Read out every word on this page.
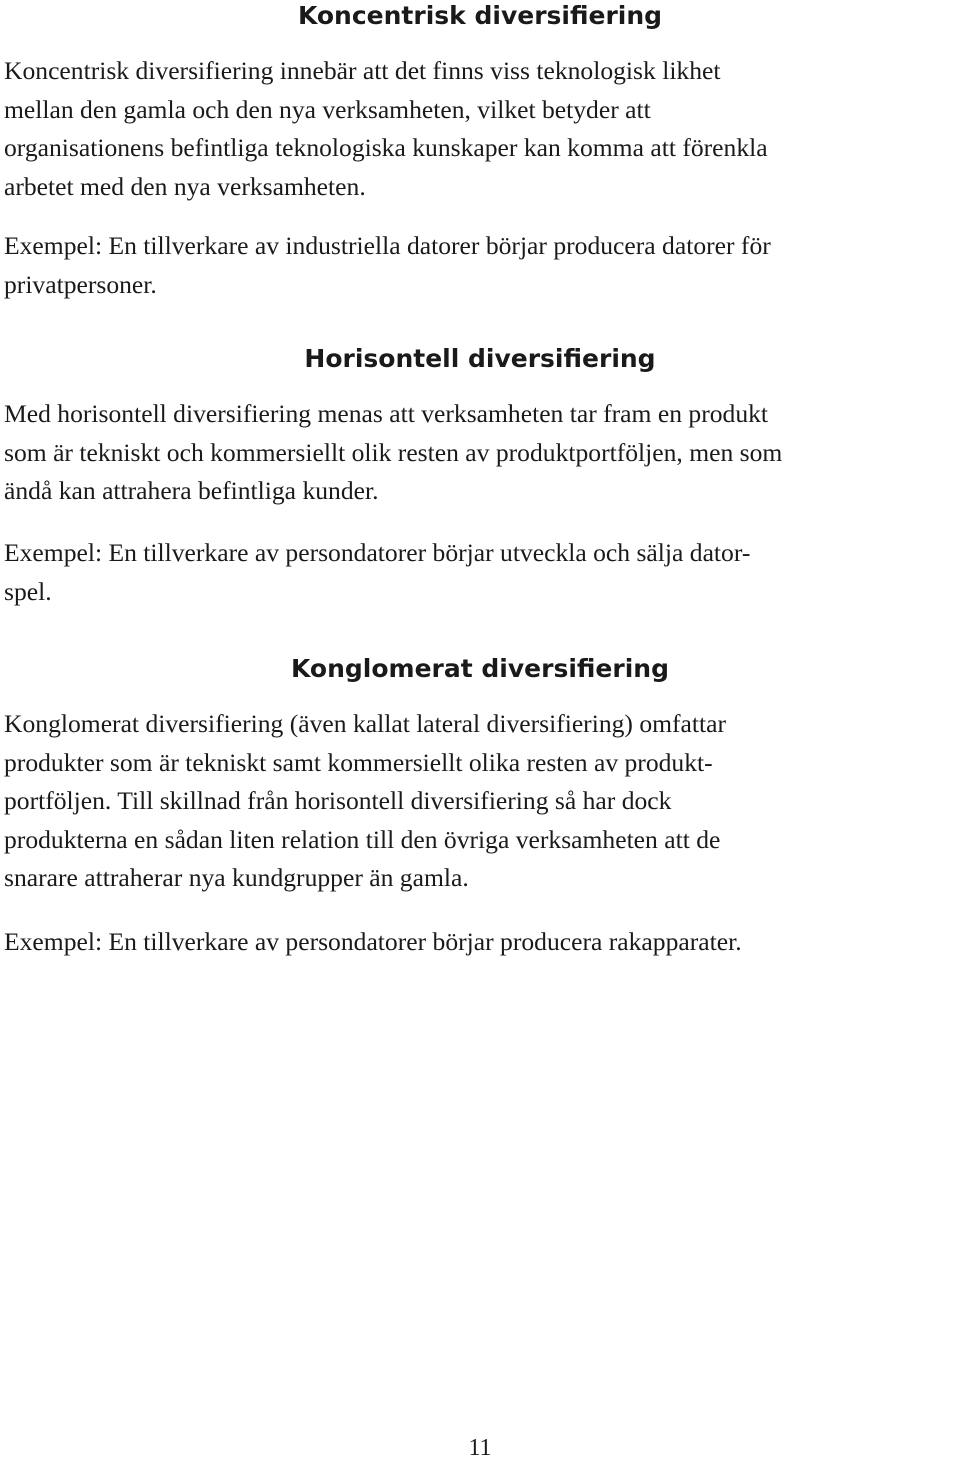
Koncentrisk diversifiering

Koncentrisk diversifiering innebär att det finns viss teknologisk likhet
mellan den gamla och den nya verksamheten, vilket betyder att
organisationens befintliga teknologiska kunskaper kan komma att förenkla
arbetet med den nya verksamheten.

Exempel: En tillverkare av industriella datorer börjar producera datorer för
privatpersoner.

Horisontell diversifiering

Med horisontell diversifiering menas att verksamheten tar fram en produkt
som är tekniskt och kommersiellt olik resten av produktportföljen, men som
ändå kan attrahera befintliga kunder.

Exempel: En tillverkare av persondatorer börjar utveckla och sälja dator-
spel.

Konglomerat diversifiering

Konglomerat diversifiering (även kallat lateral diversifiering) omfattar
produkter som är tekniskt samt kommersiellt olika resten av produkt-
portföljen. Till skillnad från horisontell diversifiering så har dock
produkterna en sådan liten relation till den övriga verksamheten att de
snarare attraherar nya kundgrupper än gamla.

Exempel: En tillverkare av persondatorer börjar producera rakapparater.

11
